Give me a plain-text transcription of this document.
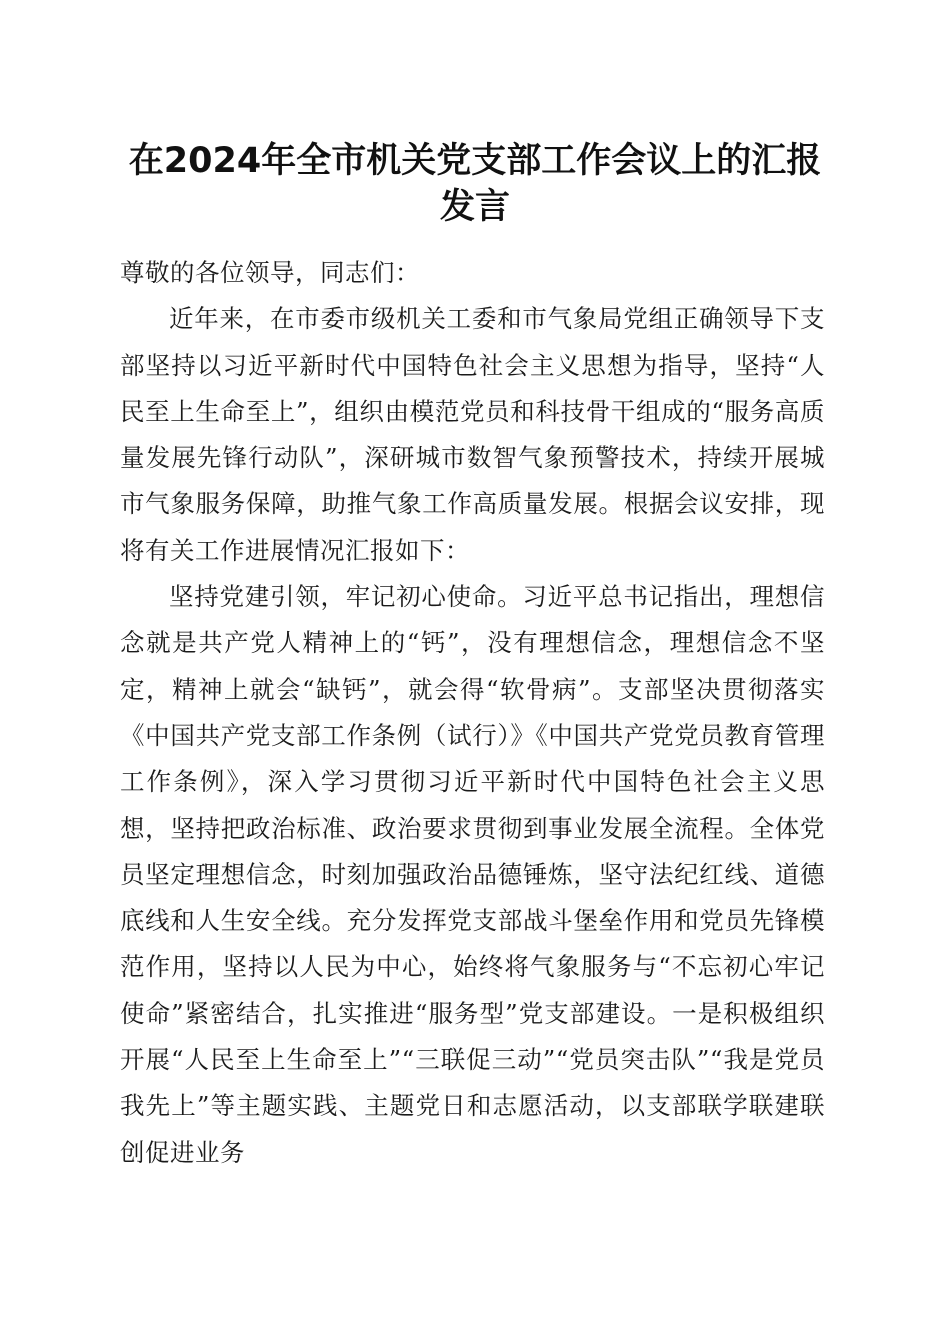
在2024年全市机关党支部工作会议上的汇报
发言

尊敬的各位领导，同志们：

近年来，在市委市级机关工委和市气象局党组正确领导下支部坚持以习近平新时代中国特色社会主义思想为指导，坚持“人民至上生命至上”，组织由模范党员和科技骨干组成的“服务高质量发展先锋行动队”，深研城市数智气象预警技术，持续开展城市气象服务保障，助推气象工作高质量发展。根据会议安排，现将有关工作进展情况汇报如下：

坚持党建引领，牢记初心使命。习近平总书记指出，理想信念就是共产党人精神上的“钙”，没有理想信念，理想信念不坚定，精神上就会“缺钙”，就会得“软骨病”。支部坚决贯彻落实《中国共产党支部工作条例（试行）》《中国共产党党员教育管理工作条例》，深入学习贯彻习近平新时代中国特色社会主义思想，坚持把政治标准、政治要求贯彻到事业发展全流程。全体党员坚定理想信念，时刻加强政治品德锤炼，坚守法纪红线、道德底线和人生安全线。充分发挥党支部战斗堡垒作用和党员先锋模范作用，坚持以人民为中心，始终将气象服务与“不忘初心牢记使命”紧密结合，扎实推进“服务型”党支部建设。一是积极组织开展“人民至上生命至上”“三联促三动”“党员突击队”“我是党员我先上”等主题实践、主题党日和志愿活动，以支部联学联建联创促进业务
